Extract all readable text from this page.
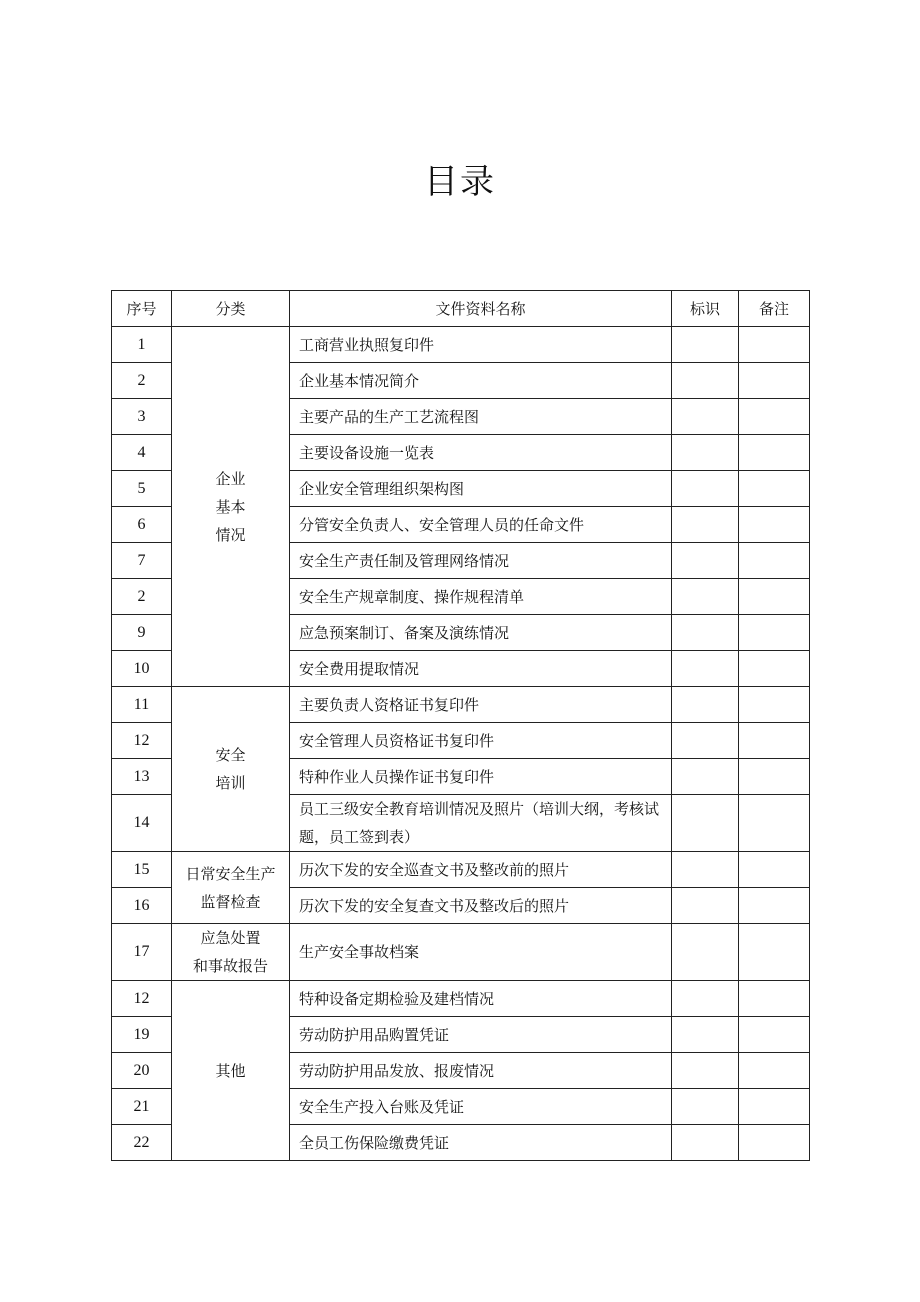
目录
序号	分类	文件资料名称	标识	备注
1	企业
基本
情况	工商营业执照复印件		
2		企业基本情况简介		
3		主要产品的生产工艺流程图		
4		主要设备设施一览表		
5		企业安全管理组织架构图		
6		分管安全负责人、安全管理人员的任命文件		
7		安全生产责任制及管理网络情况		
2		安全生产规章制度、操作规程清单		
9		应急预案制订、备案及演练情况		
10		安全费用提取情况		
11	安全
培训	主要负责人资格证书复印件		
12		安全管理人员资格证书复印件		
13		特种作业人员操作证书复印件		
14		员工三级安全教育培训情况及照片（培训大纲，考核试题，员工签到表）		
15	日常安全生产
监督检查	历次下发的安全巡查文书及整改前的照片		
16		历次下发的安全复查文书及整改后的照片		
17	应急处置
和事故报告	生产安全事故档案		
12	其他	特种设备定期检验及建档情况		
19		劳动防护用品购置凭证		
20		劳动防护用品发放、报废情况		
21		安全生产投入台账及凭证		
22		全员工伤保险缴费凭证		
